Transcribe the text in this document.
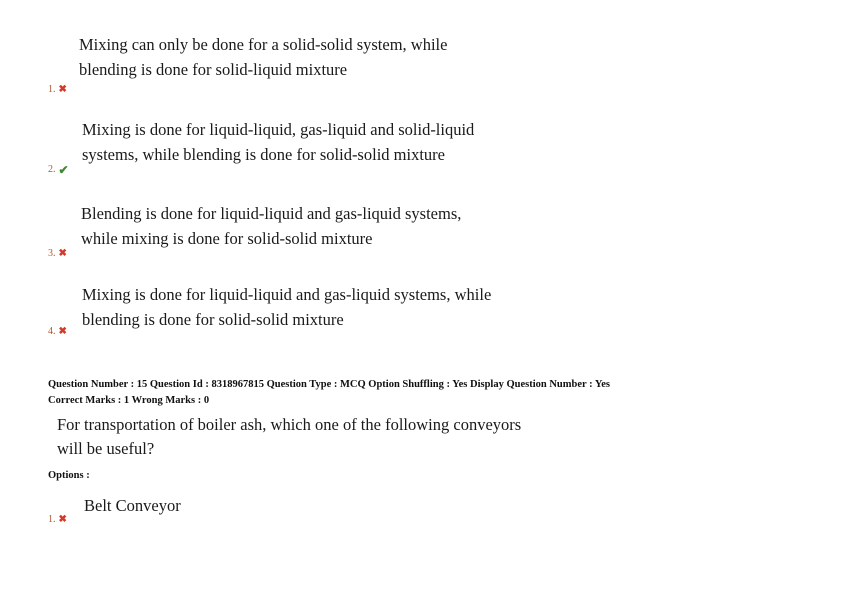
Mixing can only be done for a solid-solid system, while
blending is done for solid-liquid mixture
1. ✖
Mixing is done for liquid-liquid, gas-liquid and solid-liquid
systems, while blending is done for solid-solid mixture
2. ✔
Blending is done for liquid-liquid and gas-liquid systems,
while mixing is done for solid-solid mixture
3. ✖
Mixing is done for liquid-liquid and gas-liquid systems, while
blending is done for solid-solid mixture
4. ✖
Question Number : 15 Question Id : 8318967815 Question Type : MCQ Option Shuffling : Yes Display Question Number : Yes
Correct Marks : 1 Wrong Marks : 0
For transportation of boiler ash, which one of the following conveyors
will be useful?
Options :
Belt Conveyor
1. ✖
